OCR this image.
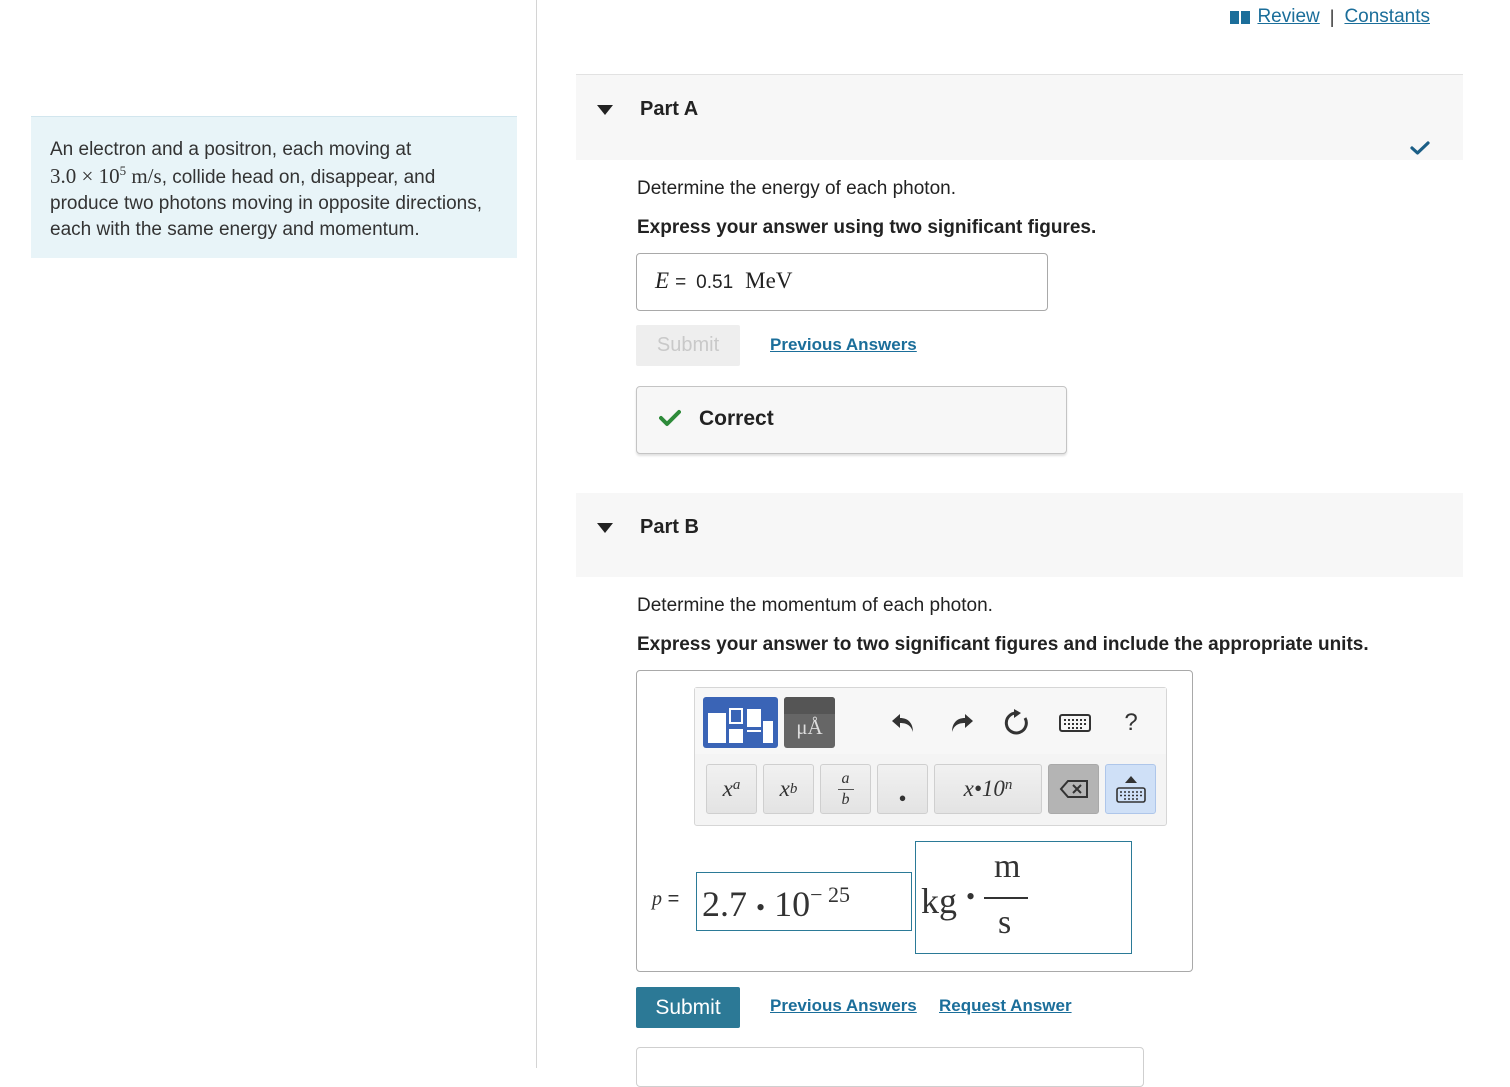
An electron and a positron, each moving at
$3.0 \times 10^5$ m/s, collide head on, disappear, and produce two photons moving in opposite directions, each with the same energy and momentum.
Review | Constants
Part A
Determine the energy of each photon.
Express your answer using two significant figures.
E = 0.51 MeV
Submit	Previous Answers
Correct
Part B
Determine the momentum of each photon.
Express your answer to two significant figures and include the appropriate units.
μÅ	?
$x^a$ x b
a
b	•	x•10$^n$
p = 2.7 • $10^{- 25}$	kg •
m
s
Submit	Previous Answers Request Answer
